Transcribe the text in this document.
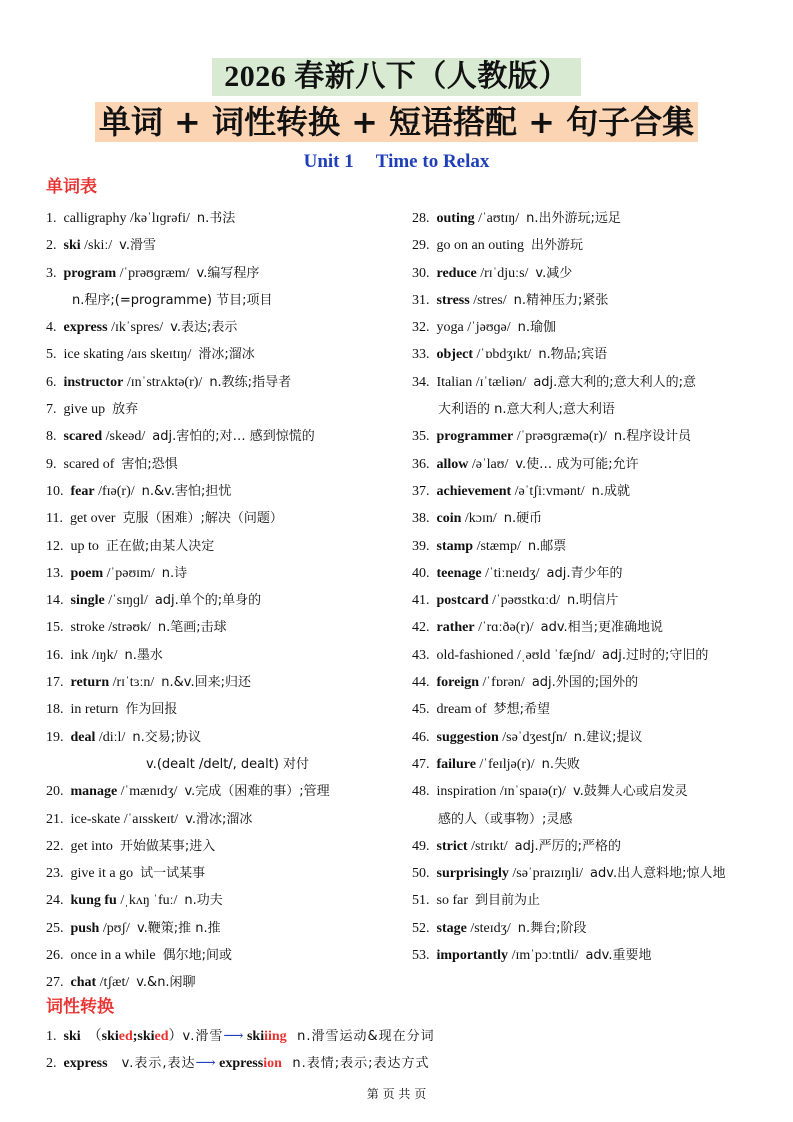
2026 春新八下（人教版）
单词 + 词性转换 + 短语搭配 + 句子合集
Unit 1 Time to Relax
单词表
1. calligraphy /kəˈlɪɡrəfi/ n.书法
2. ski /skiː/ v.滑雪
3. program /ˈprəʊɡræm/ v.编写程序
n.程序;(=programme) 节目;项目
4. express /ɪkˈspres/ v.表达;表示
5. ice skating /aɪs skeɪtɪŋ/ 滑冰;溜冰
6. instructor /ɪnˈstrʌktə(r)/ n.教练;指导者
7. give up 放弃
8. scared /skeəd/ adj.害怕的;对… 感到惊慌的
9. scared of 害怕;恐惧
10. fear /fɪə(r)/ n.&v.害怕;担忧
11. get over 克服（困难）;解决（问题）
12. up to 正在做;由某人决定
13. poem /ˈpəʊɪm/ n.诗
14. single /ˈsɪŋɡl/ adj.单个的;单身的
15. stroke /strəʊk/ n.笔画;击球
16. ink /ɪŋk/ n.墨水
17. return /rɪˈtɜːn/ n.&v.回来;归还
18. in return 作为回报
19. deal /diːl/ n.交易;协议
v.(dealt /delt/, dealt) 对付
20. manage /ˈmænɪdʒ/ v.完成（困难的事）;管理
21. ice-skate /ˈaɪsskeɪt/ v.滑冰;溜冰
22. get into 开始做某事;进入
23. give it a go 试一试某事
24. kung fu /ˌkʌŋ ˈfuː/ n.功夫
25. push /pʊʃ/ v.鞭策;推 n.推
26. once in a while 偶尔地;间或
27. chat /tʃæt/ v.&n.闲聊
28. outing /ˈaʊtɪŋ/ n.出外游玩;远足
29. go on an outing 出外游玩
30. reduce /rɪˈdjuːs/ v.减少
31. stress /stres/ n.精神压力;紧张
32. yoga /ˈjəʊɡə/ n.瑜伽
33. object /ˈɒbdʒɪkt/ n.物品;宾语
34. Italian /ɪˈtæliən/ adj.意大利的;意大利人的;意
大利语的 n.意大利人;意大利语
35. programmer /ˈprəʊɡræmə(r)/ n.程序设计员
36. allow /əˈlaʊ/ v.使… 成为可能;允许
37. achievement /əˈtʃiːvmənt/ n.成就
38. coin /kɔɪn/ n.硬币
39. stamp /stæmp/ n.邮票
40. teenage /ˈtiːneɪdʒ/ adj.青少年的
41. postcard /ˈpəʊstkɑːd/ n.明信片
42. rather /ˈrɑːðə(r)/ adv.相当;更准确地说
43. old-fashioned /ˌəʊld ˈfæʃnd/ adj.过时的;守旧的
44. foreign /ˈfɒrən/ adj.外国的;国外的
45. dream of 梦想;希望
46. suggestion /səˈdʒestʃn/ n.建议;提议
47. failure /ˈfeɪljə(r)/ n.失败
48. inspiration /ɪnˈspaɪə(r)/ v.鼓舞人心或启发灵
感的人（或事物）;灵感
49. strict /strɪkt/ adj.严厉的;严格的
50. surprisingly /səˈpraɪzɪŋli/ adv.出人意料地;惊人地
51. so far 到目前为止
52. stage /steɪdʒ/ n.舞台;阶段
53. importantly /ɪmˈpɔːtntli/ adv.重要地
词性转换
1. ski  （skied;skied）v.滑雪⟶ skiiing n.滑雪运动&现在分词
2. express v.表示,表达⟶ expression n.表情;表示;表达方式
第 页 共 页
